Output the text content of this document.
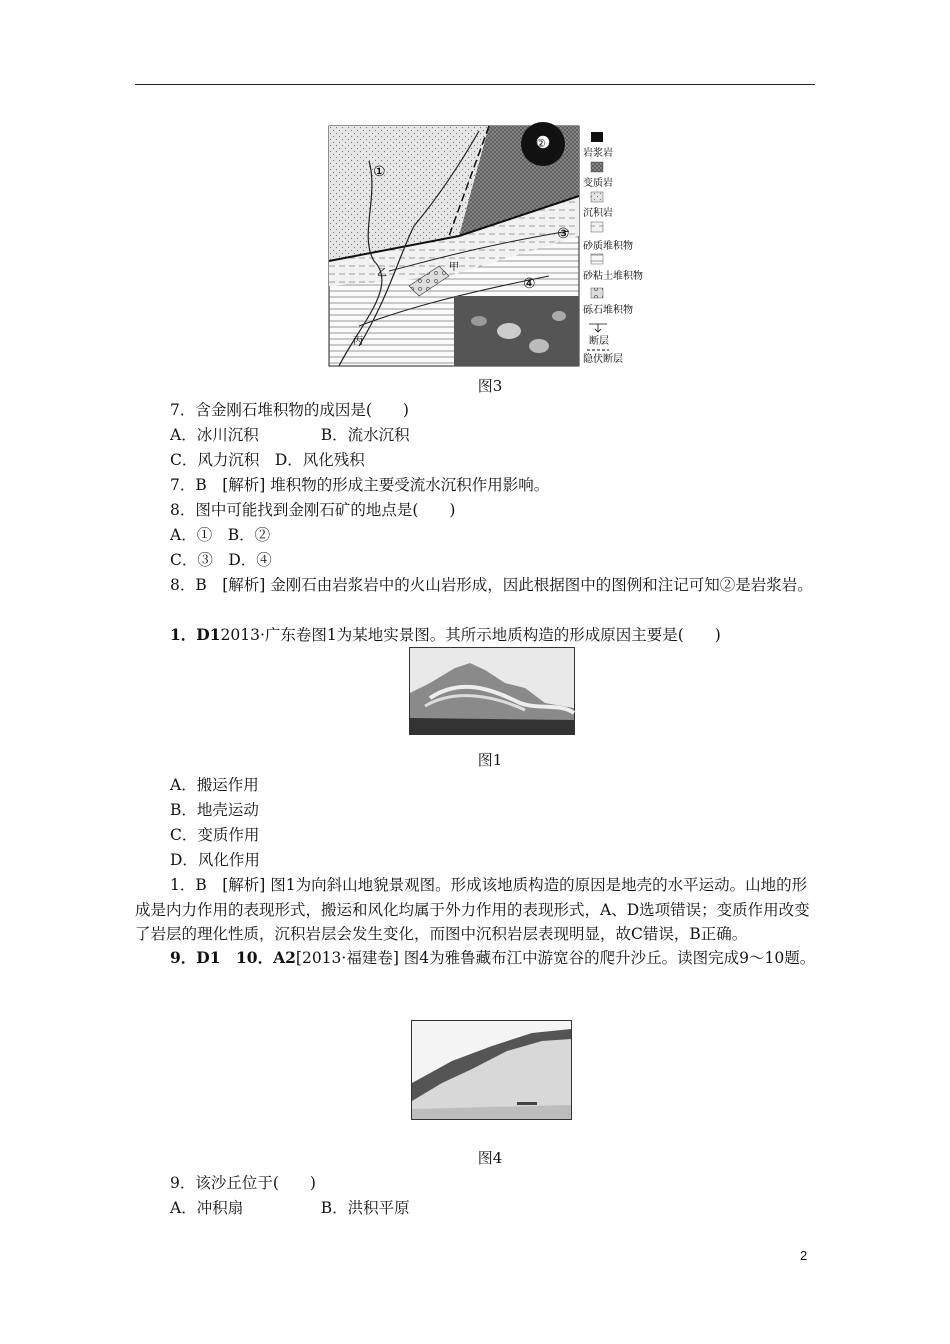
①
②
③
④
乙
甲
丙
岩浆岩
变质岩
沉积岩
砂质堆积物
砂粘土堆积物
砾石堆积物
断层
隐伏断层
图3
7．含金刚石堆积物的成因是(　　)
A．冰川沉积　　　　B．流水沉积
C．风力沉积　D．风化残积
7．B　[解析] 堆积物的形成主要受流水沉积作用影响。
8．图中可能找到金刚石矿的地点是(　　)
A．①　B．②
C．③　D．④
8．B　[解析] 金刚石由岩浆岩中的火山岩形成，因此根据图中的图例和注记可知②是岩浆岩。
1．D12013·广东卷图1为某地实景图。其所示地质构造的形成原因主要是(　　)
图1
A．搬运作用
B．地壳运动
C．变质作用
D．风化作用
1．B　[解析] 图1为向斜山地貌景观图。形成该地质构造的原因是地壳的水平运动。山地的形成是内力作用的表现形式，搬运和风化均属于外力作用的表现形式，A、D选项错误；变质作用改变了岩层的理化性质，沉积岩层会发生变化，而图中沉积岩层表现明显，故C错误，B正确。
9．D1　10．A2[2013·福建卷] 图4为雅鲁藏布江中游宽谷的爬升沙丘。读图完成9～10题。
图4
9．该沙丘位于(　　)
A．冲积扇　　　　　B．洪积平原
2
